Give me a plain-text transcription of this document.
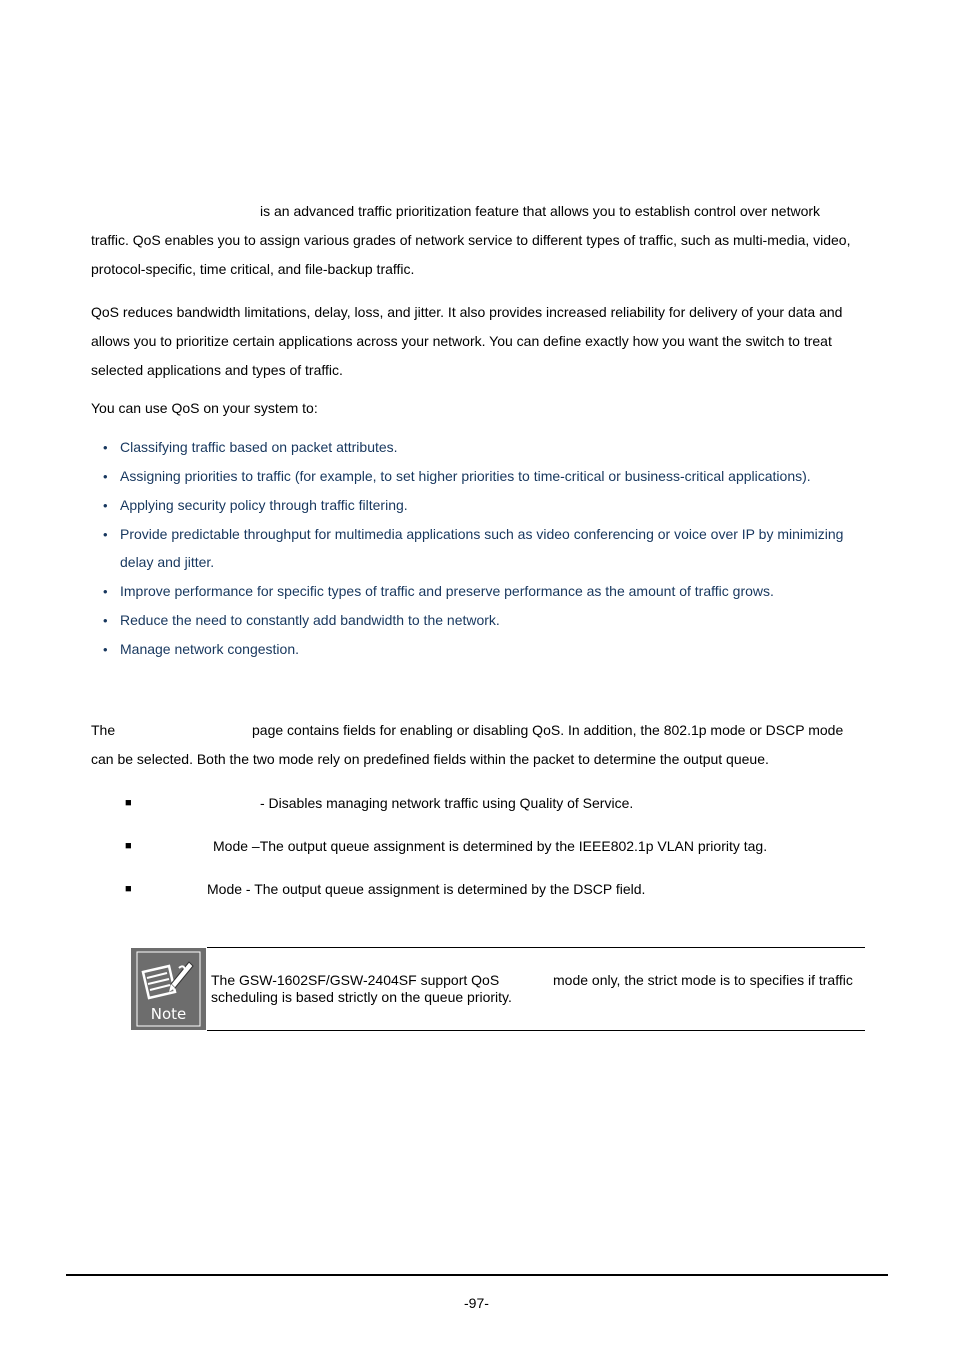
is an advanced traffic prioritization feature that allows you to establish control over network
traffic. QoS enables you to assign various grades of network service to different types of traffic, such as multi-media, video,
protocol-specific, time critical, and file-backup traffic.
QoS reduces bandwidth limitations, delay, loss, and jitter. It also provides increased reliability for delivery of your data and
allows you to prioritize certain applications across your network. You can define exactly how you want the switch to treat
selected applications and types of traffic.
You can use QoS on your system to:
• Classifying traffic based on packet attributes.
• Assigning priorities to traffic (for example, to set higher priorities to time-critical or business-critical applications).
• Applying security policy through traffic filtering.
• Provide predictable throughput for multimedia applications such as video conferencing or voice over IP by minimizing
delay and jitter.
• Improve performance for specific types of traffic and preserve performance as the amount of traffic grows.
• Reduce the need to constantly add bandwidth to the network.
• Manage network congestion.
The	page contains fields for enabling or disabling QoS. In addition, the 802.1p mode or DSCP mode
can be selected. Both the two mode rely on predefined fields within the packet to determine the output queue.
■	- Disables managing network traffic using Quality of Service.
■	Mode –The output queue assignment is determined by the IEEE802.1p VLAN priority tag.
■	Mode - The output queue assignment is determined by the DSCP field.
Note
The GSW-1602SF/GSW-2404SF support QoS	mode only, the strict mode is to specifies if traffic
scheduling is based strictly on the queue priority.
-97-
